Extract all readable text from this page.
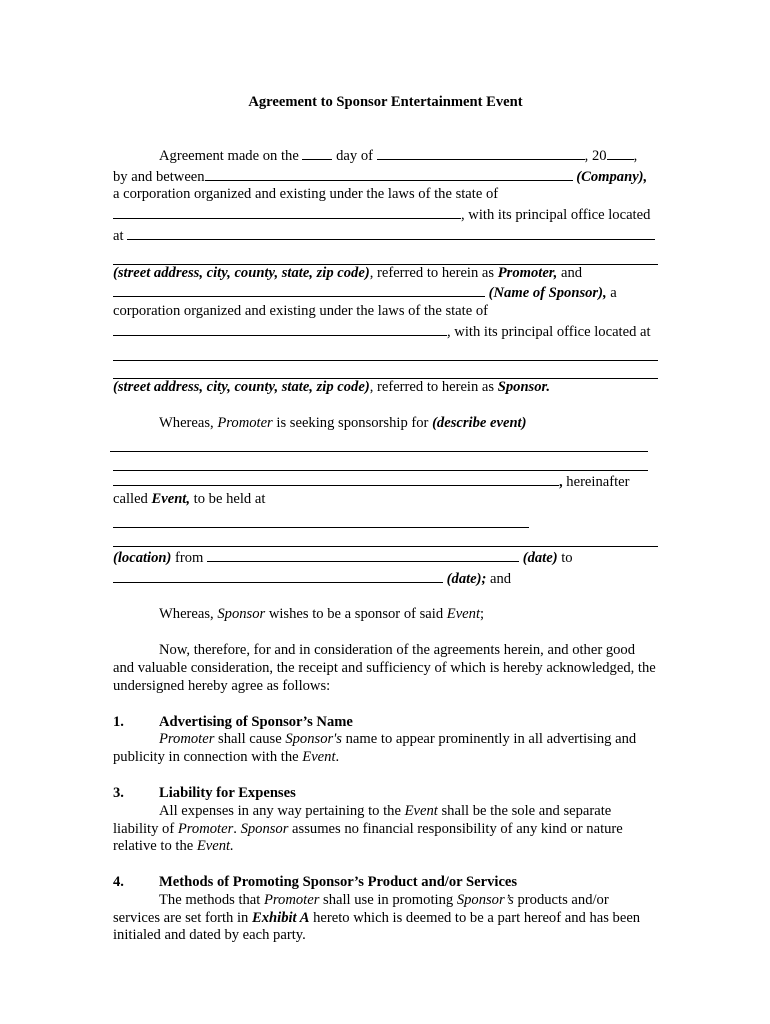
Agreement to Sponsor Entertainment Event

Agreement made on the	day of	, 20 ,

by and between	(Company),

a corporation organized and existing under the laws of the state of

, with its principal office located

at

(street address, city, county, state, zip code), referred to herein as Promoter, and

(Name of Sponsor), a

corporation organized and existing under the laws of the state of

, with its principal office located at

(street address, city, county, state, zip code), referred to herein as Sponsor.

Whereas, Promoter is seeking sponsorship for (describe event)

, hereinafter

called Event, to be held at

(location) from	(date) to

(date); and

Whereas, Sponsor wishes to be a sponsor of said Event;

Now, therefore, for and in consideration of the agreements herein, and other good and valuable consideration, the receipt and sufficiency of which is hereby acknowledged, the undersigned hereby agree as follows:

1. Advertising of Sponsor’s Name

Promoter shall cause Sponsor's name to appear prominently in all advertising and publicity in connection with the Event.

3. Liability for Expenses

All expenses in any way pertaining to the Event shall be the sole and separate liability of Promoter. Sponsor assumes no financial responsibility of any kind or nature relative to the Event.

4. Methods of Promoting Sponsor’s Product and/or Services

The methods that Promoter shall use in promoting Sponsor’s products and/or services are set forth in Exhibit A hereto which is deemed to be a part hereof and has been initialed and dated by each party.
